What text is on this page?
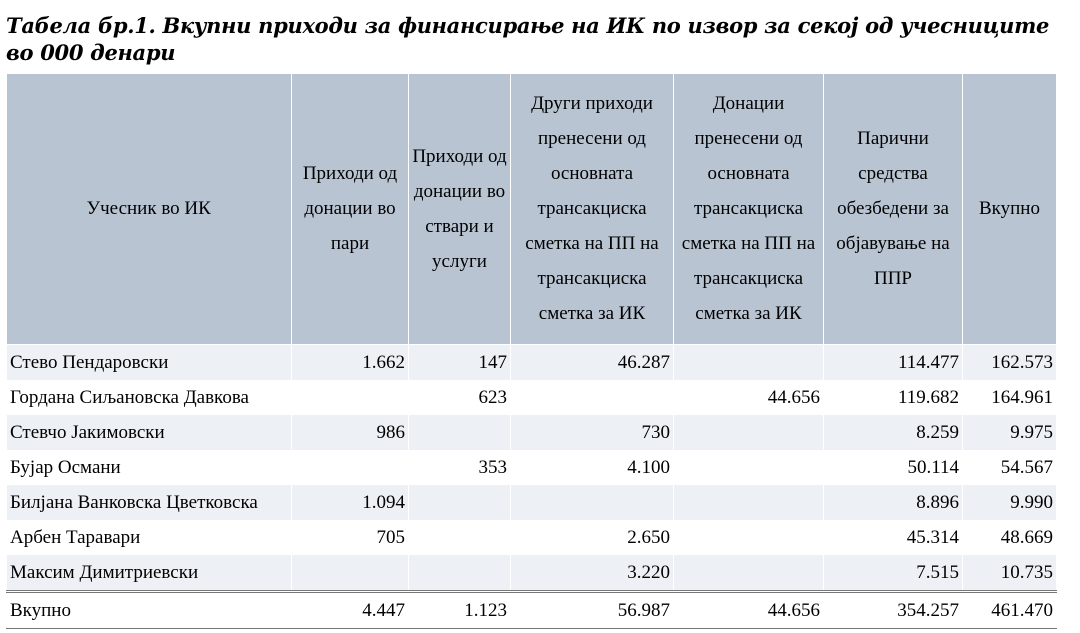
Табела бр.1. Вкупни приходи за финансирање на ИК по извор за секој од учесниците во 000 денари
Учесник во ИК	Приходи од донации во пари	Приходи од донации во ствари и услуги	Други приходи пренесени од основната трансакциска сметка на ПП на трансакциска сметка за ИК	Донации пренесени од основната трансакциска сметка на ПП на трансакциска сметка за ИК	Парични средства обезбедени за објавување на ППР	Вкупно
Стево Пендаровски	1.662	147	46.287		114.477	162.573
Гордана Сиљановска Давкова		623		44.656	119.682	164.961
Стевчо Јакимовски	986		730		8.259	9.975
Бујар Османи		353	4.100		50.114	54.567
Билјана Ванковска Цветковска	1.094				8.896	9.990
Арбен Таравари	705		2.650		45.314	48.669
Максим Димитриевски			3.220		7.515	10.735
Вкупно	4.447	1.123	56.987	44.656	354.257	461.470
